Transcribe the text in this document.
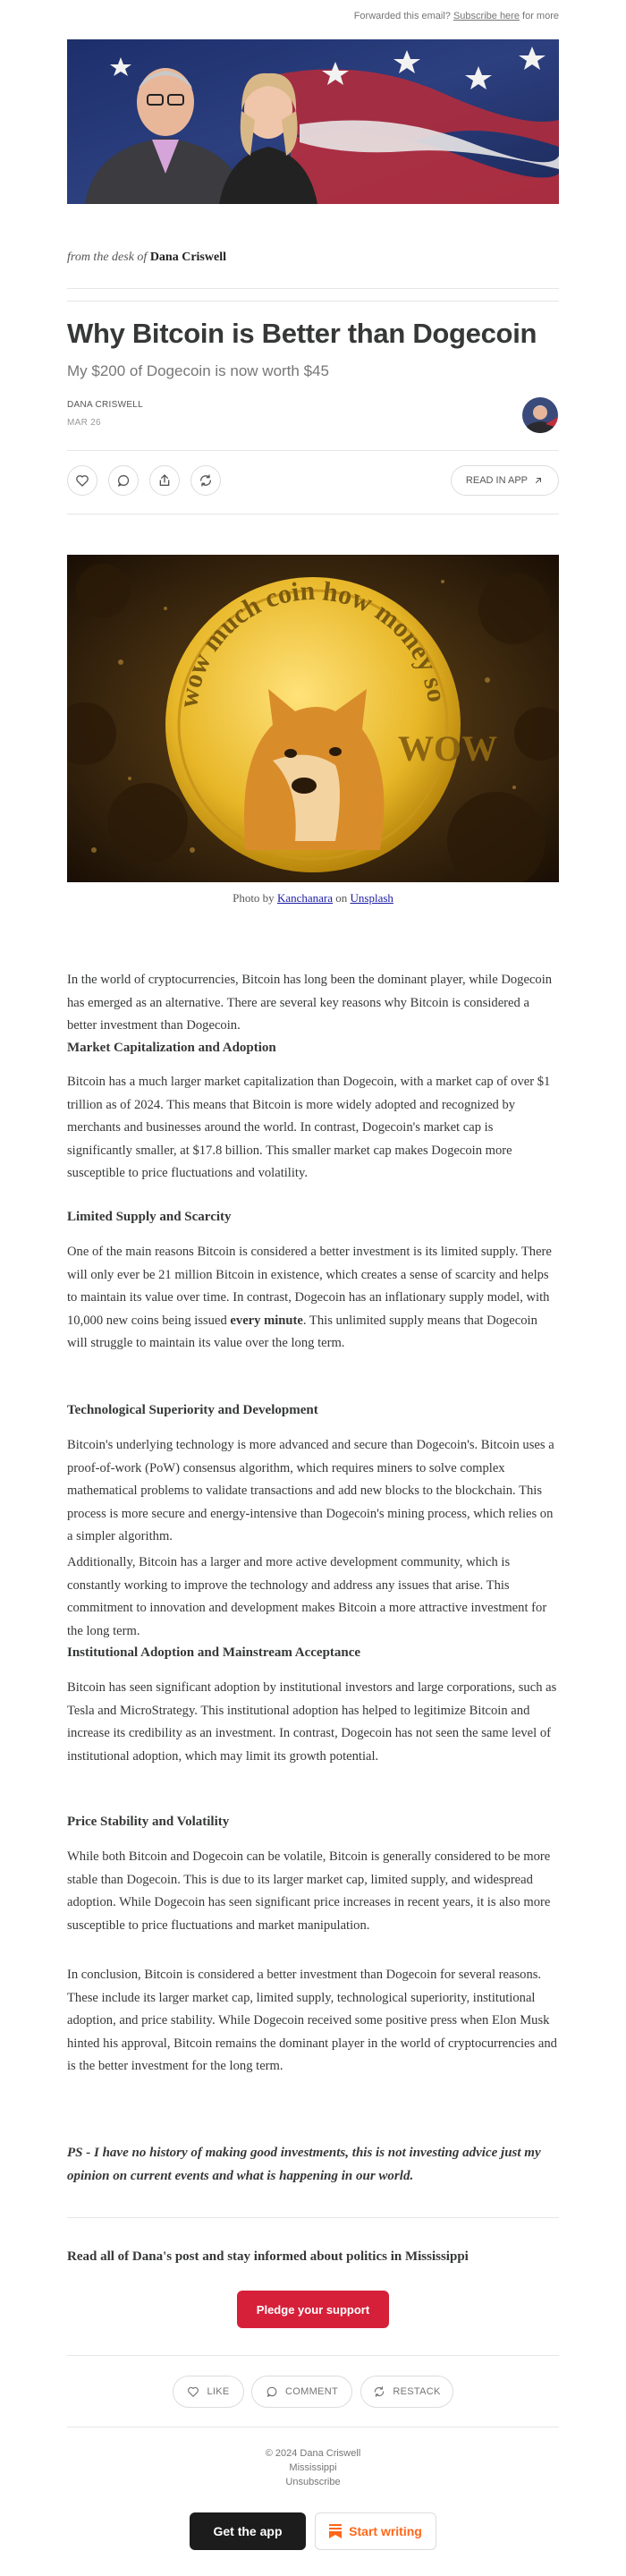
Forwarded this email? Subscribe here for more
from the desk of Dana Criswell
Why Bitcoin is Better than Dogecoin
My $200 of Dogecoin is now worth $45
DANA CRISWELL
MAR 26
READ IN APP
wow much coin how money so
WOW
Photo by Kanchanara on Unsplash

In the world of cryptocurrencies, Bitcoin has long been the dominant player, while Dogecoin has emerged as an alternative. There are several key reasons why Bitcoin is considered a better investment than Dogecoin.

Market Capitalization and Adoption

Bitcoin has a much larger market capitalization than Dogecoin, with a market cap of over $1 trillion as of 2024. This means that Bitcoin is more widely adopted and recognized by merchants and businesses around the world. In contrast, Dogecoin's market cap is significantly smaller, at $17.8 billion. This smaller market cap makes Dogecoin more susceptible to price fluctuations and volatility.

Limited Supply and Scarcity

One of the main reasons Bitcoin is considered a better investment is its limited supply. There will only ever be 21 million Bitcoin in existence, which creates a sense of scarcity and helps to maintain its value over time. In contrast, Dogecoin has an inflationary supply model, with 10,000 new coins being issued every minute. This unlimited supply means that Dogecoin will struggle to maintain its value over the long term.

Technological Superiority and Development

Bitcoin's underlying technology is more advanced and secure than Dogecoin's. Bitcoin uses a proof-of-work (PoW) consensus algorithm, which requires miners to solve complex mathematical problems to validate transactions and add new blocks to the blockchain. This process is more secure and energy-intensive than Dogecoin's mining process, which relies on a simpler algorithm.

Additionally, Bitcoin has a larger and more active development community, which is constantly working to improve the technology and address any issues that arise. This commitment to innovation and development makes Bitcoin a more attractive investment for the long term.

Institutional Adoption and Mainstream Acceptance

Bitcoin has seen significant adoption by institutional investors and large corporations, such as Tesla and MicroStrategy. This institutional adoption has helped to legitimize Bitcoin and increase its credibility as an investment. In contrast, Dogecoin has not seen the same level of institutional adoption, which may limit its growth potential.

Price Stability and Volatility

While both Bitcoin and Dogecoin can be volatile, Bitcoin is generally considered to be more stable than Dogecoin. This is due to its larger market cap, limited supply, and widespread adoption. While Dogecoin has seen significant price increases in recent years, it is also more susceptible to price fluctuations and market manipulation.

In conclusion, Bitcoin is considered a better investment than Dogecoin for several reasons. These include its larger market cap, limited supply, technological superiority, institutional adoption, and price stability. While Dogecoin received some positive press when Elon Musk hinted his approval, Bitcoin remains the dominant player in the world of cryptocurrencies and is the better investment for the long term.

PS - I have no history of making good investments, this is not investing advice just my opinion on current events and what is happening in our world.

Read all of Dana's post and stay informed about politics in Mississippi
Pledge your support
LIKE	COMMENT	RESTACK
© 2024 Dana Criswell
Mississippi
Unsubscribe
Get the app	Start writing
